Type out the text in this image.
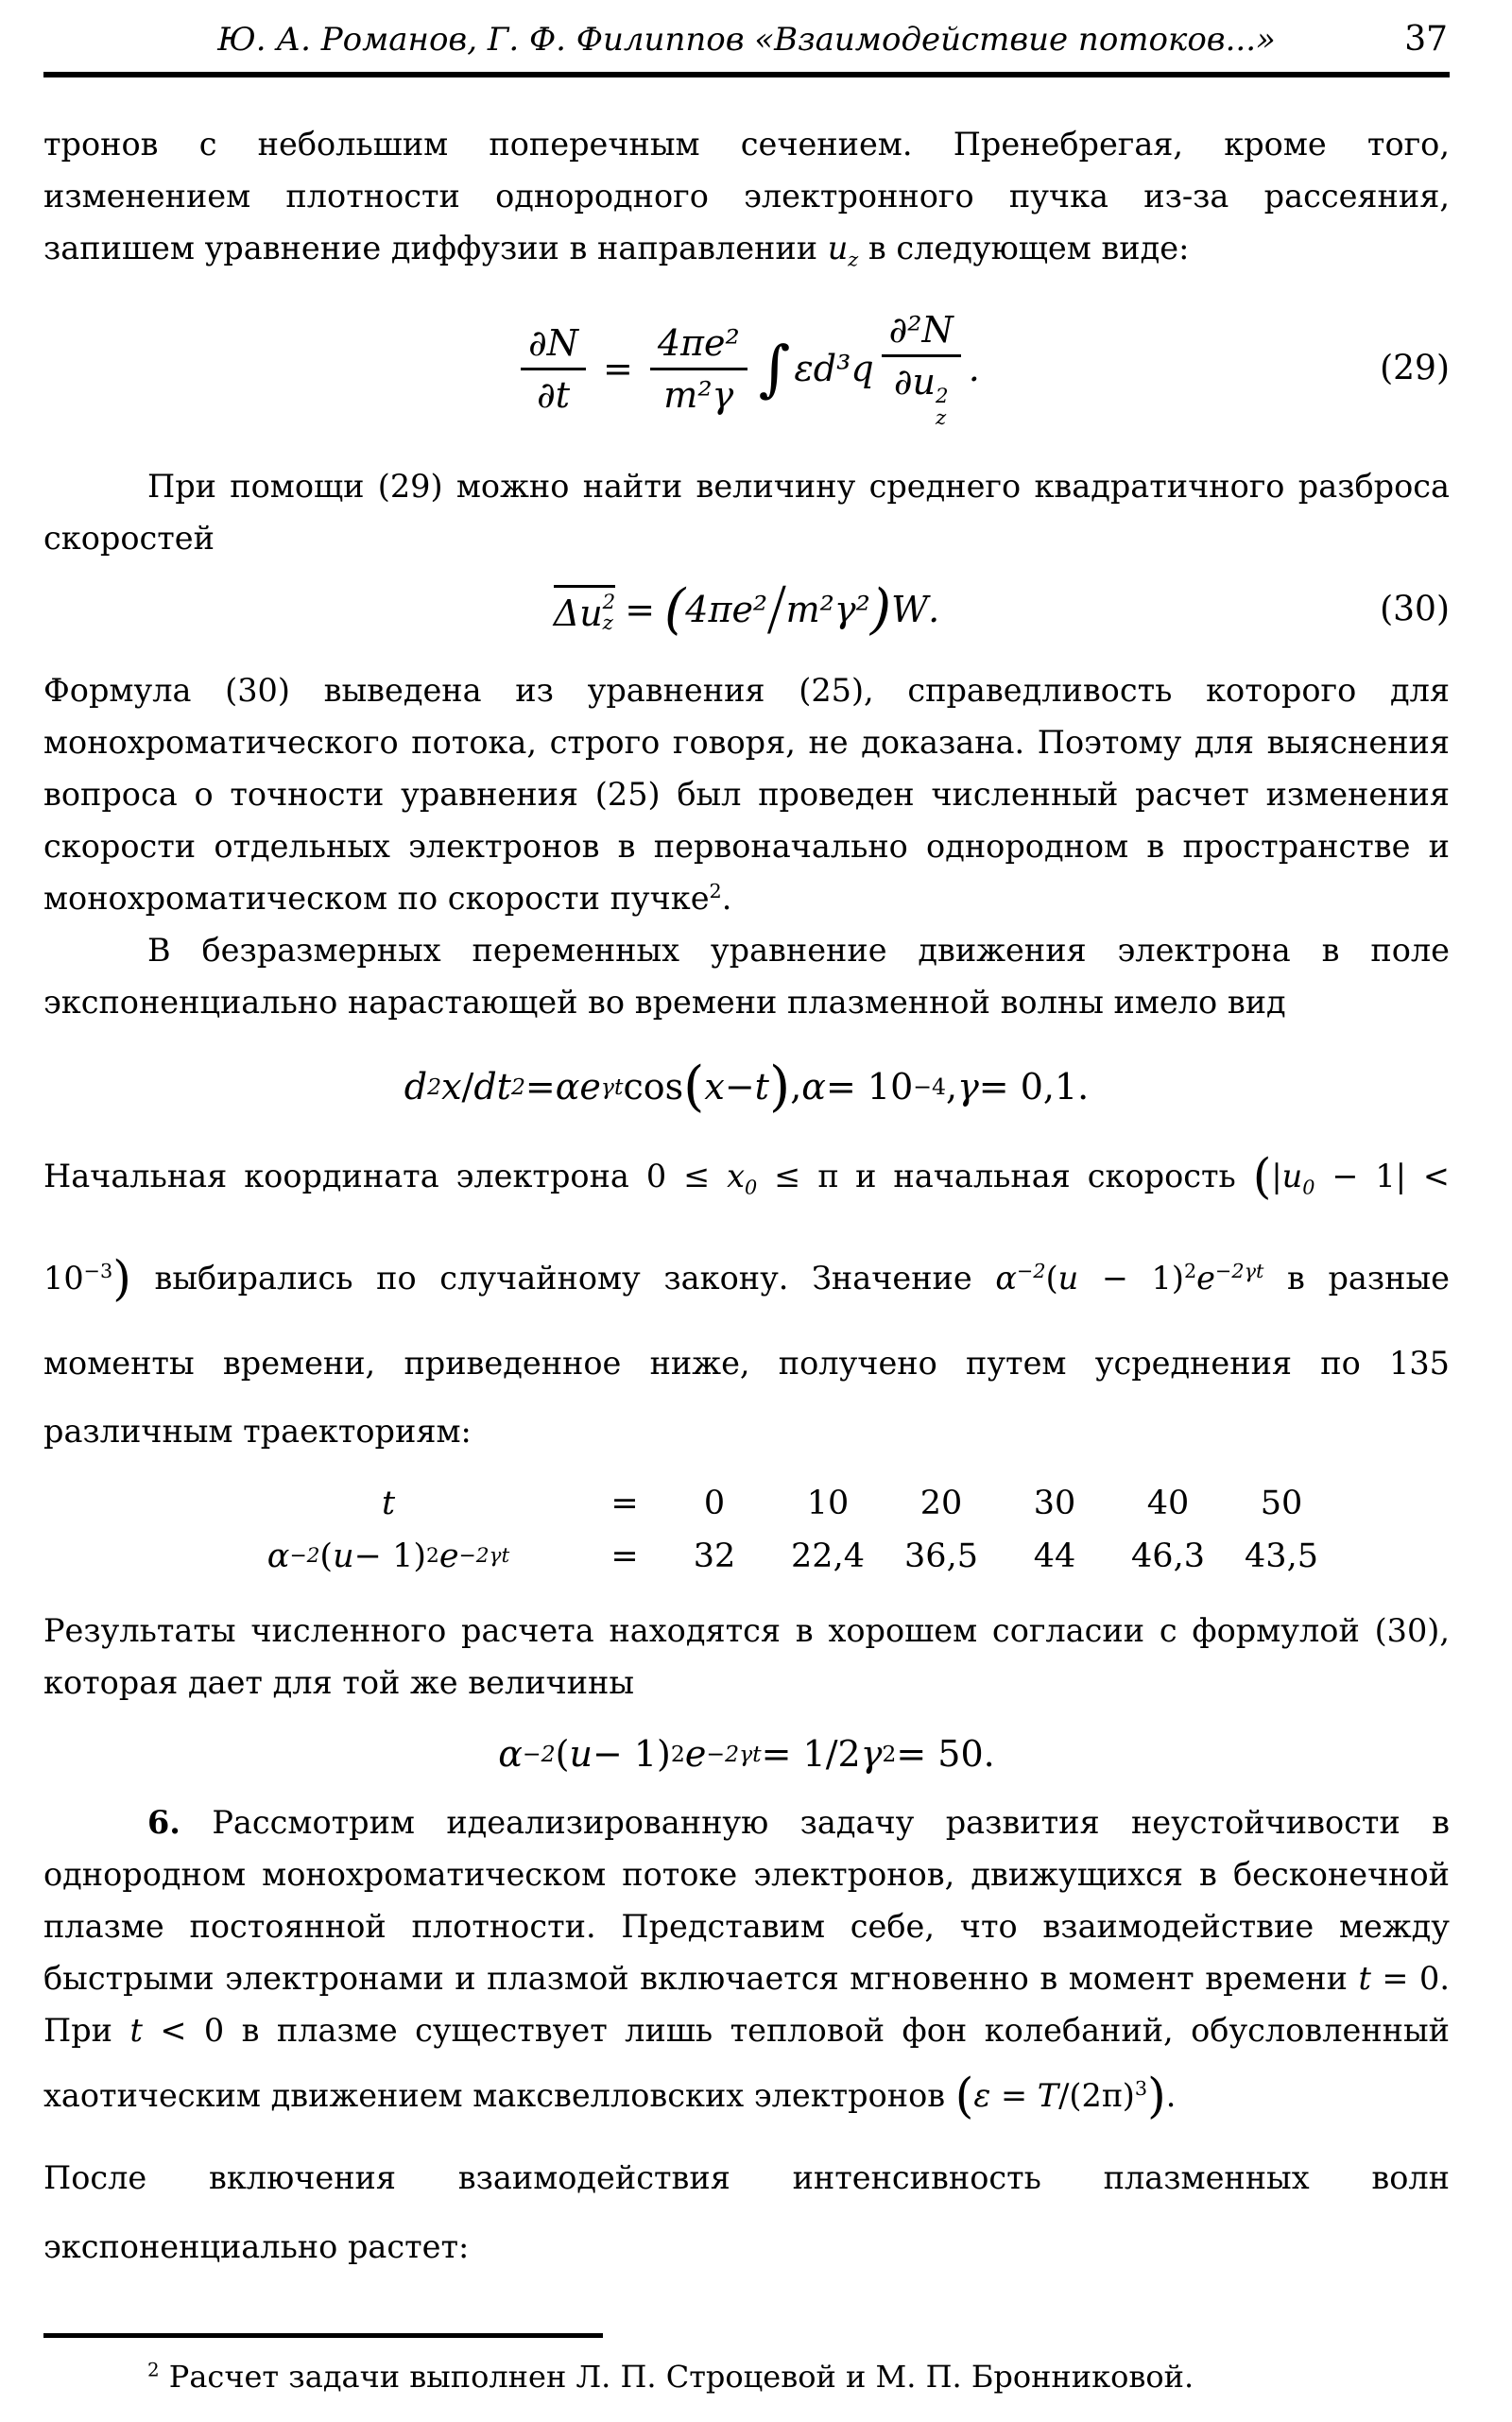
Ю. А. Романов, Г. Ф. Филиппов «Взаимодействие потоков...»	37

тронов с небольшим поперечным сечением. Пренебрегая, кроме того, изменением плотности однородного электронного пучка из-за рассеяния, запишем уравнение диффузии в направлении $u_z$ в следующем виде:

$\frac{\partial N}{\partial t} = \frac{\text{4πe²}}{\text{m²γ}}$ ∫ εd³q ∂²N
∂u 2
z .	(29)

При помощи (29) можно найти величину среднего квадратичного разброса скоростей

Δu 2
z = ( 4πe² / m²γ² ) W .	(30)

Формула (30) выведена из уравнения (25), справедливость которого для монохроматического потока, строго говоря, не доказана. Поэтому для выяснения вопроса о точности уравнения (25) был проведен численный расчет изменения скорости отдельных электронов в первоначально однородном в пространстве и монохроматическом по скорости пучке$^2$.

В безразмерных переменных уравнение движения электрона в поле экспоненциально нарастающей во времени плазменной волны имело вид

d 2 x / dt 2 = αe γt cos ( x − t ) , α = 10 −4 , γ = 0,1.

Начальная координата электрона $0 \le x_0 \le \pi$ и начальная скорость $(|u_0 - 1| < 10^{-3})$ выбирались по случайному закону. Значение $\alpha^{-2}(u - 1)^2e^{-2\gamma t}$ в разные моменты времени, приведенное ниже, получено путем усреднения по 135 различным траекториям:

t	=	0	10	20	30	40	50
α −2 ( u − 1) 2 e −2γt	=	32	22,4	36,5	44	46,3	43,5

Результаты численного расчета находятся в хорошем согласии с формулой (30), которая дает для той же величины

α −2 ( u − 1) 2 e −2γt = 1/2 γ 2 = 50.

6. Рассмотрим идеализированную задачу развития неустойчивости в однородном монохроматическом потоке электронов, движущихся в бесконечной плазме постоянной плотности. Представим себе, что взаимодействие между быстрыми электронами и плазмой включается мгновенно в момент времени t = 0. При t < 0 в плазме существует лишь тепловой фон колебаний, обусловленный хаотическим движением максвелловских электронов $(\varepsilon = T/(2\pi)^3)$.

После включения взаимодействия интенсивность плазменных волн экспоненциально растет:

$^2$ Расчет задачи выполнен Л. П. Строцевой и М. П. Бронниковой.
